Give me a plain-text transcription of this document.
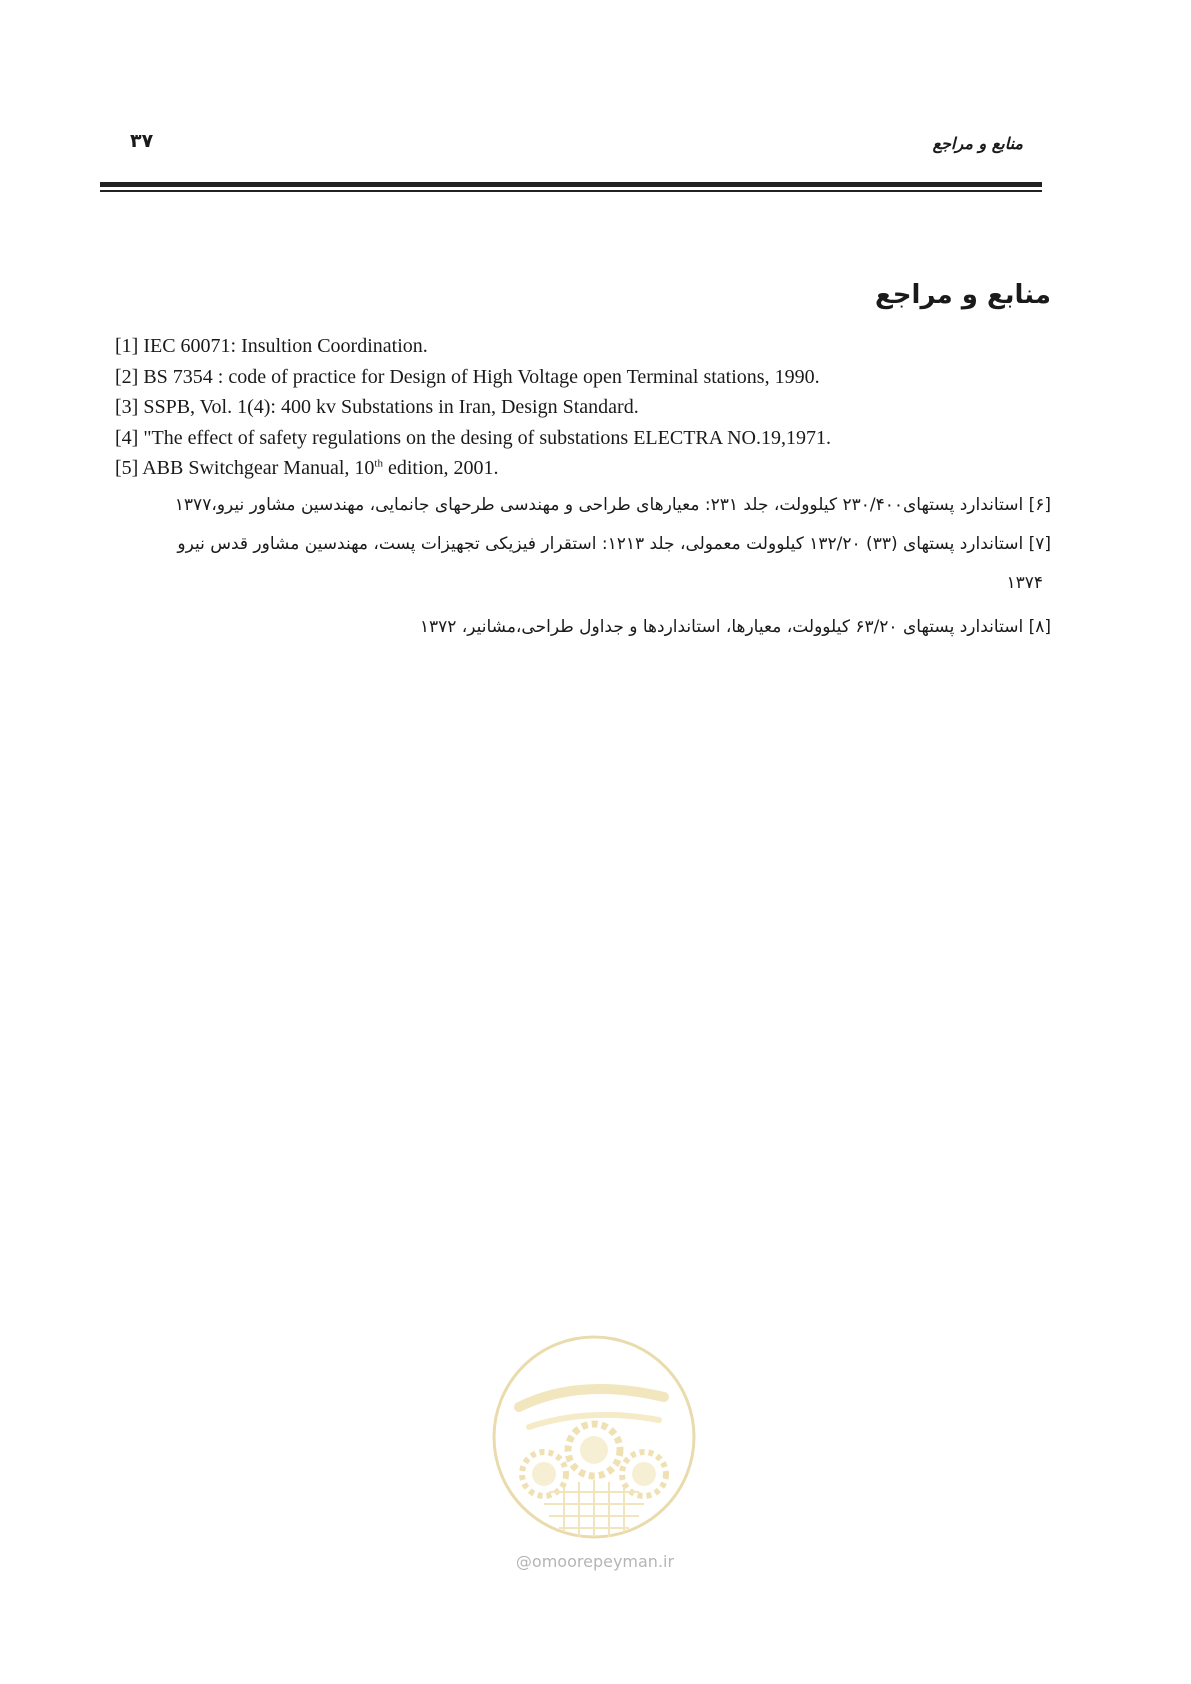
۳۷	منابع و مراجع
منابع و مراجع
[1] IEC 60071: Insultion Coordination.
[2] BS 7354 : code of practice for Design of High Voltage open Terminal stations, 1990.
[3] SSPB, Vol. 1(4): 400 kv Substations in Iran, Design Standard.
[4] "The effect of safety regulations on the desing of substations ELECTRA NO.19,1971.
[5] ABB Switchgear Manual, 10th edition, 2001.
[۶] استاندارد پستهای۲۳۰/۴۰۰ کیلوولت، جلد ۲۳۱: معیارهای طراحی و مهندسی طرحهای جانمایی، مهندسین مشاور نیرو،۱۳۷۷
[۷] استاندارد پستهای (۳۳) ۱۳۲/۲۰ کیلوولت معمولی، جلد ۱۲۱۳: استقرار فیزیکی تجهیزات پست، مهندسین مشاور قدس نیرو
۱۳۷۴
[۸] استاندارد پستهای ۶۳/۲۰ کیلوولت، معیارها، استانداردها و جداول طراحی،مشانیر، ۱۳۷۲
@omoorepeyman.ir
